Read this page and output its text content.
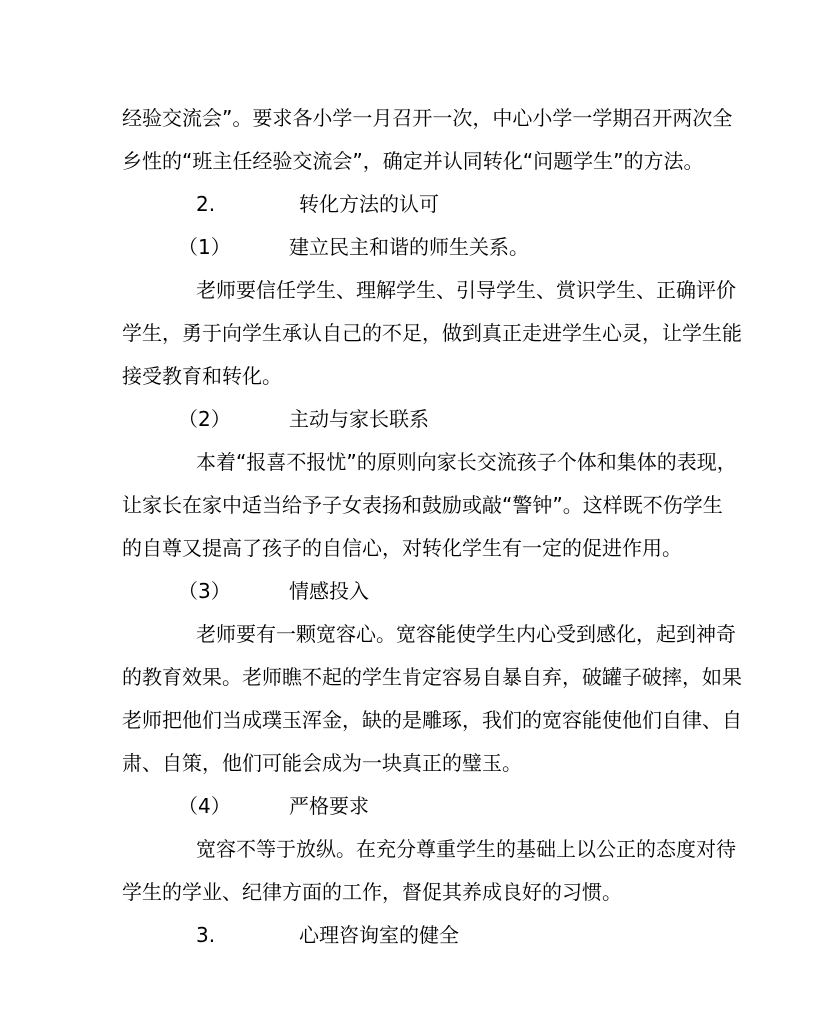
经验交流会”。要求各小学一月召开一次，中心小学一学期召开两次全

乡性的“班主任经验交流会”，确定并认同转化“问题学生”的方法。

2.	转化方法的认可
（1）	建立民主和谐的师生关系。

老师要信任学生、理解学生、引导学生、赏识学生、正确评价

学生，勇于向学生承认自己的不足，做到真正走进学生心灵，让学生能

接受教育和转化。

（2）	主动与家长联系

本着“报喜不报忧”的原则向家长交流孩子个体和集体的表现，

让家长在家中适当给予子女表扬和鼓励或敲“警钟”。这样既不伤学生

的自尊又提高了孩子的自信心，对转化学生有一定的促进作用。

（3）	情感投入

老师要有一颗宽容心。宽容能使学生内心受到感化，起到神奇

的教育效果。老师瞧不起的学生肯定容易自暴自弃，破罐子破摔，如果

老师把他们当成璞玉浑金，缺的是雕琢，我们的宽容能使他们自律、自

肃、自策，他们可能会成为一块真正的璧玉。

（4）	严格要求

宽容不等于放纵。在充分尊重学生的基础上以公正的态度对待

学生的学业、纪律方面的工作，督促其养成良好的习惯。

3.	心理咨询室的健全
